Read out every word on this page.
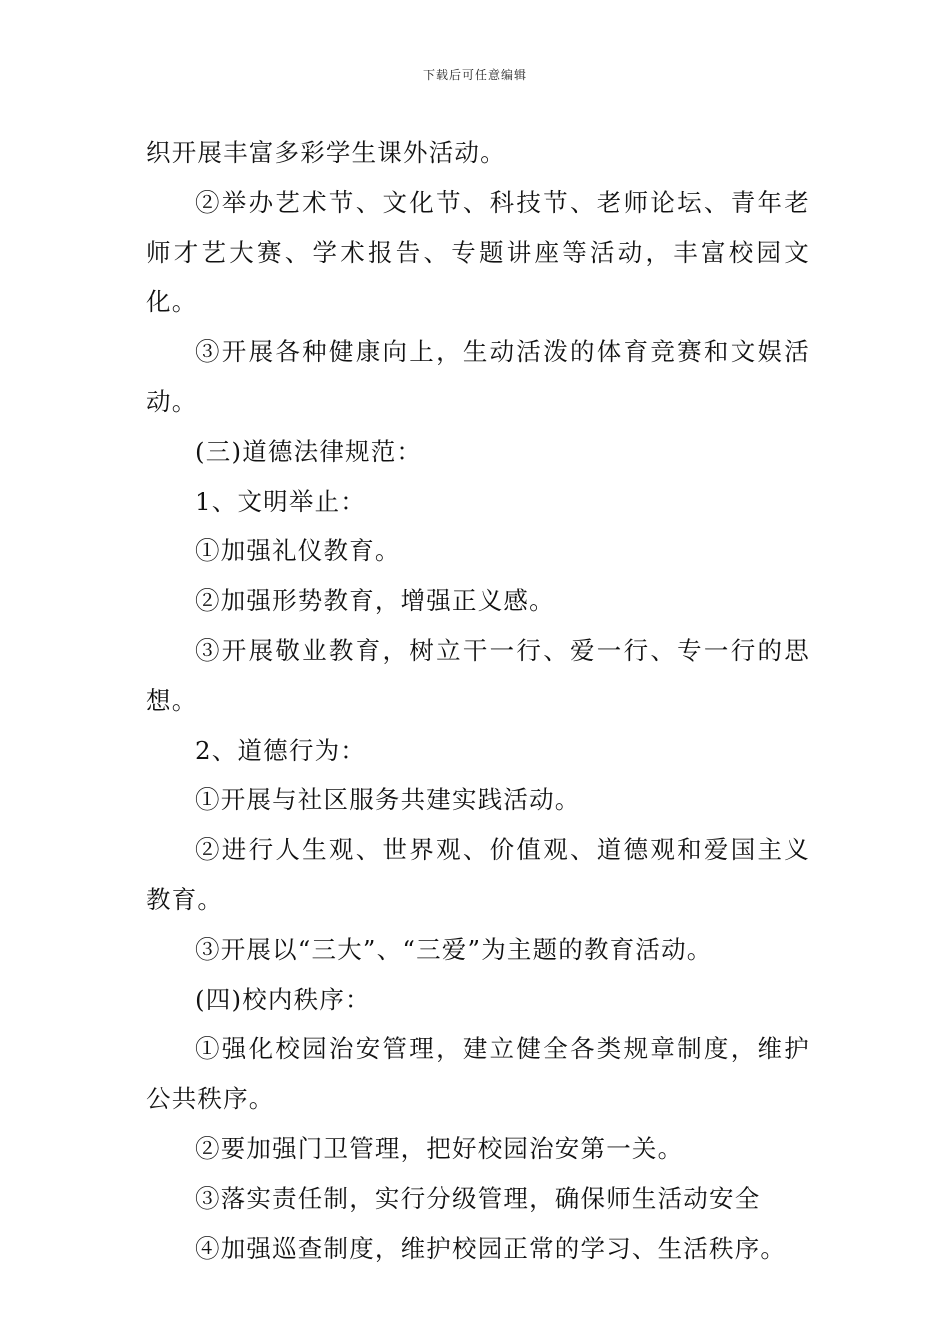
下载后可任意编辑

织开展丰富多彩学生课外活动。

②举办艺术节、文化节、科技节、老师论坛、青年老师才艺大赛、学术报告、专题讲座等活动，丰富校园文化。

③开展各种健康向上，生动活泼的体育竞赛和文娱活动。

(三)道德法律规范：

1、文明举止：

①加强礼仪教育。

②加强形势教育，增强正义感。

③开展敬业教育，树立干一行、爱一行、专一行的思想。

2、道德行为：

①开展与社区服务共建实践活动。

②进行人生观、世界观、价值观、道德观和爱国主义教育。

③开展以“三大”、“三爱”为主题的教育活动。

(四)校内秩序：

①强化校园治安管理，建立健全各类规章制度，维护公共秩序。

②要加强门卫管理，把好校园治安第一关。

③落实责任制，实行分级管理，确保师生活动安全

④加强巡查制度，维护校园正常的学习、生活秩序。
